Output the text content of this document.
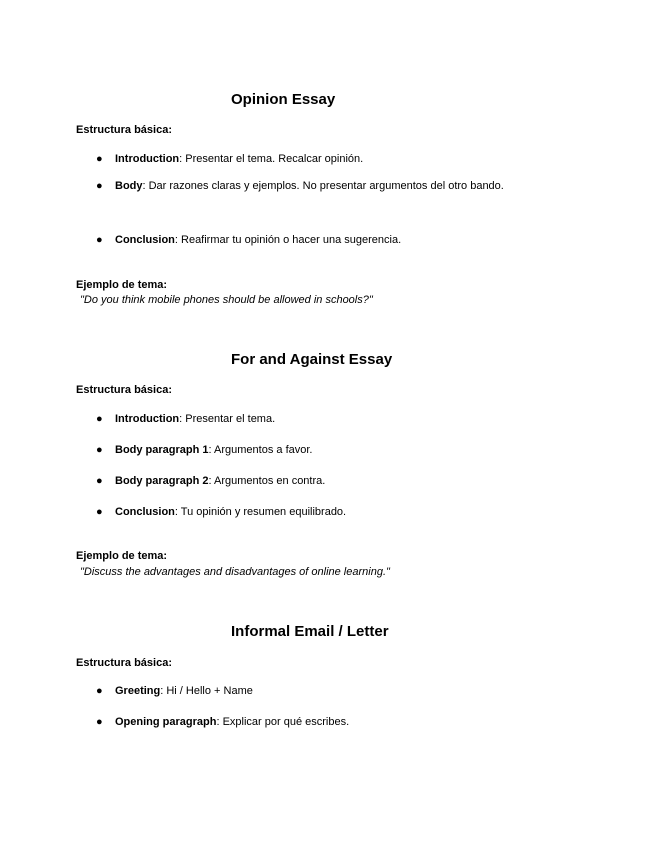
Opinion Essay
Estructura básica:
● Introduction: Presentar el tema. Recalcar opinión.
● Body: Dar razones claras y ejemplos. No presentar argumentos del otro bando.
● Conclusion: Reafirmar tu opinión o hacer una sugerencia.
Ejemplo de tema:
"Do you think mobile phones should be allowed in schools?"
For and Against Essay
Estructura básica:
● Introduction: Presentar el tema.
● Body paragraph 1: Argumentos a favor.
● Body paragraph 2: Argumentos en contra.
● Conclusion: Tu opinión y resumen equilibrado.
Ejemplo de tema:
"Discuss the advantages and disadvantages of online learning."
Informal Email / Letter
Estructura básica:
● Greeting: Hi / Hello + Name
● Opening paragraph: Explicar por qué escribes.
